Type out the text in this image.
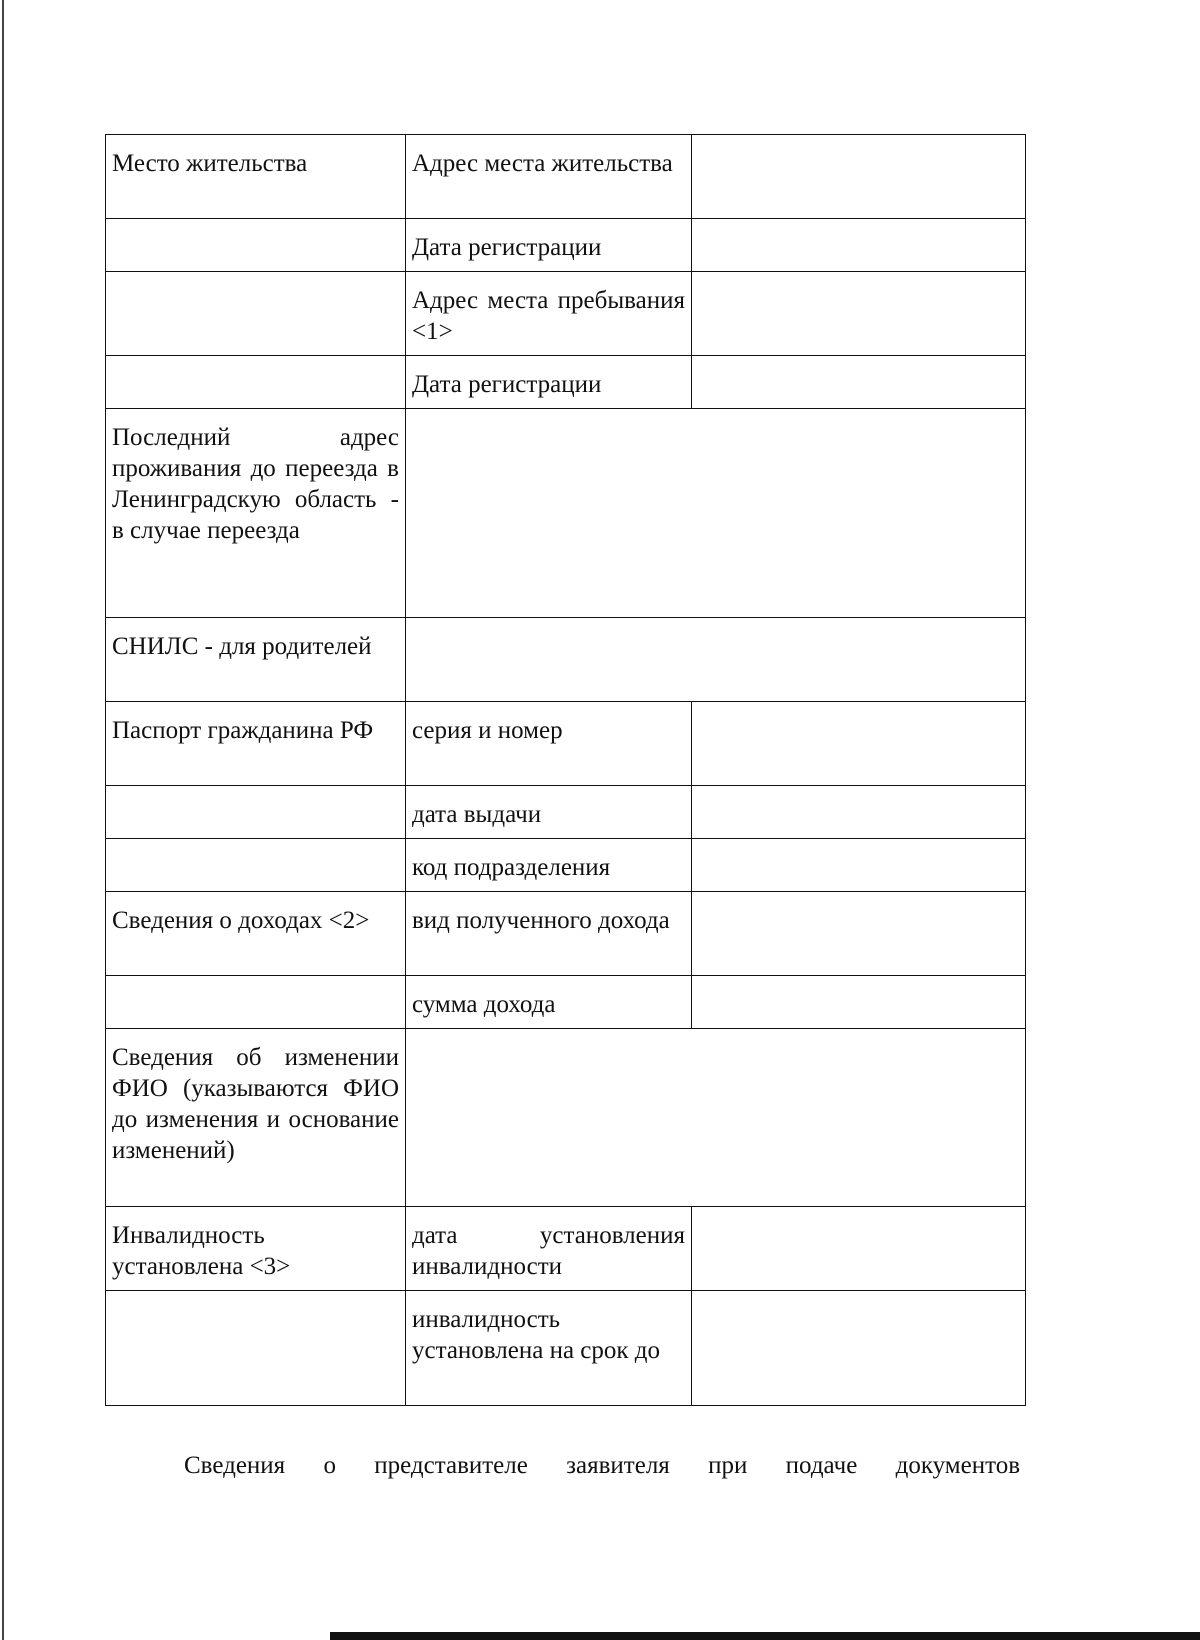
Место жительства	Адрес места жительства	

	Дата регистрации	

	Адрес места пребывания <1>	

	Дата регистрации	

Последний адрес проживания до переезда в Ленинградскую область - в случае переезда		

СНИЛС - для родителей		

Паспорт гражданина РФ	серия и номер	

	дата выдачи	

	код подразделения	

Сведения о доходах <2>	вид полученного дохода	

	сумма дохода	

Сведения об изменении ФИО (указываются ФИО до изменения и основание изменений)		

Инвалидность установлена <3>	дата установления инвалидности	

	инвалидность установлена на срок до	

Сведения о представителе заявителя при подаче документов
